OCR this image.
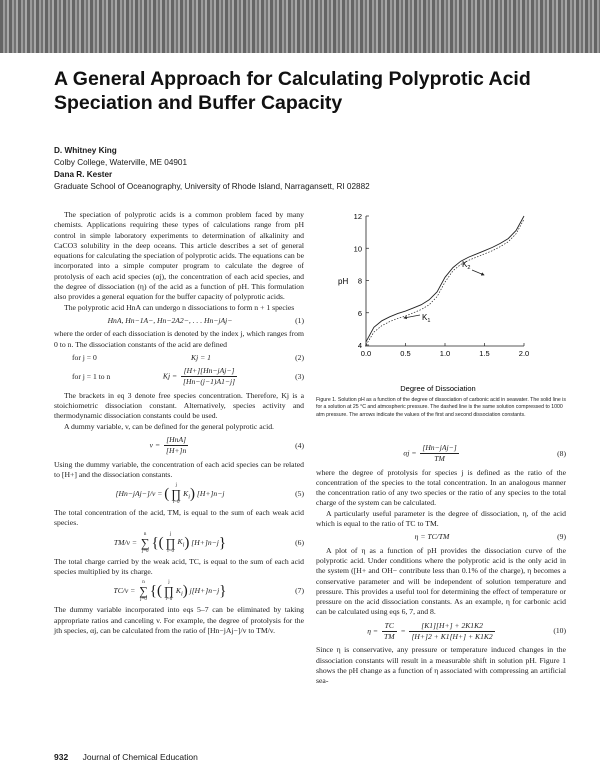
A General Approach for Calculating Polyprotic Acid Speciation and Buffer Capacity
D. Whitney King
Colby College, Waterville, ME 04901
Dana R. Kester
Graduate School of Oceanography, University of Rhode Island, Narragansett, RI 02882

The speciation of polyprotic acids is a common problem faced by many chemists. Applications requiring these types of calculations range from pH control in simple laboratory experiments to determination of alkalinity and CaCO3 solubility in the deep oceans. This article describes a set of general equations for calculating the speciation of polyprotic acids. The equations can be incorporated into a simple computer program to calculate the degree of protolysis of each acid species (αj), the concentration of each acid species, and the degree of dissociation (η) of the acid as a function of pH. This formulation also provides a general equation for the buffer capacity of polyprotic acids.

The polyprotic acid HnA can undergo n dissociations to form n + 1 species

HnA, Hn−1A−, Hn−2A2−, . . . Hn−jAj−	(1)

where the order of each dissociation is denoted by the index j, which ranges from 0 to n. The dissociation constants of the acid are defined

for j = 0	Kj = 1	(2)
for j = 1 to n	$Kj = \frac{\text{[H+][Hn−jAj−]}}{[Hn-(j-1)A1-j]}$	(3)

The brackets in eq 3 denote free species concentration. Therefore, Kj is a stoichiometric dissociation constant. Alternatively, species activity and thermodynamic dissociation constants could be used.

A dummy variable, v, can be defined for the general polyprotic acid.

$v = \frac{\text{[HnA]}}{[H+]n}$	(4)

Using the dummy variable, the concentration of each acid species can be related to [H+] and the dissociation constants.

[Hn−jAj−]/v = (
j
∏
i=0
$K_i$) [H+]n−j	(5)

The total concentration of the acid, TM, is equal to the sum of each weak acid species.

TM/v =
n
∑
j=0
{(
j
∏
i=0
$K_i$) [H+]n−j}	(6)

The total charge carried by the weak acid, TC, is equal to the sum of each acid species multiplied by its charge.

TC/v =
n
∑
j=0
{(
j
∏
i=0
$K_i$) j[H+]n−j}	(7)

The dummy variable incorporated into eqs 5–7 can be eliminated by taking appropriate ratios and canceling v. For example, the degree of protolysis for the jth species, αj, can be calculated from the ratio of [Hn−jAj−]/v to TM/v.

12
10
8
6
4
0.0	0.5	1.0	1.5	2.0
pH
Degree of Dissociation
$K_1$
$K_2$
Figure 1. Solution pH as a function of the degree of dissociation of carbonic acid in seawater. The solid line is for a solution at 25 °C and atmospheric pressure. The dashed line is the same solution compressed to 1000 atm pressure. The arrows indicate the values of the first and second dissociation constants.
$\alpha j = \frac{\text{[Hn−jAj−]}}{TM}$	(8)

where the degree of protolysis for species j is defined as the ratio of the concentration of the species to the total concentration. In an analogous manner the concentration ratio of any two species or the ratio of any species to the total charge of the system can be calculated.

A particularly useful parameter is the degree of dissociation, η, of the acid which is equal to the ratio of TC to TM.

η = TC/TM	(9)

A plot of η as a function of pH provides the dissociation curve of the polyprotic acid. Under conditions where the polyprotic acid is the only acid in the system ([H+ and OH− contribute less than 0.1% of the charge), η becomes a conservative parameter and will be independent of solution temperature and pressure. This provides a useful tool for determining the effect of temperature or pressure on the acid dissociation constants. As an example, η for carbonic acid can be calculated using eqs 6, 7, and 8.

$\eta = \frac{TC}{TM} = \frac{[K1][H+] + 2K1K2}{[H+]2 + K1[H+] + K1K2}$	(10)

Since η is conservative, any pressure or temperature induced changes in the dissociation constants will result in a measurable shift in solution pH. Figure 1 shows the pH change as a function of η associated with compressing an artificial sea-

932 Journal of Chemical Education
